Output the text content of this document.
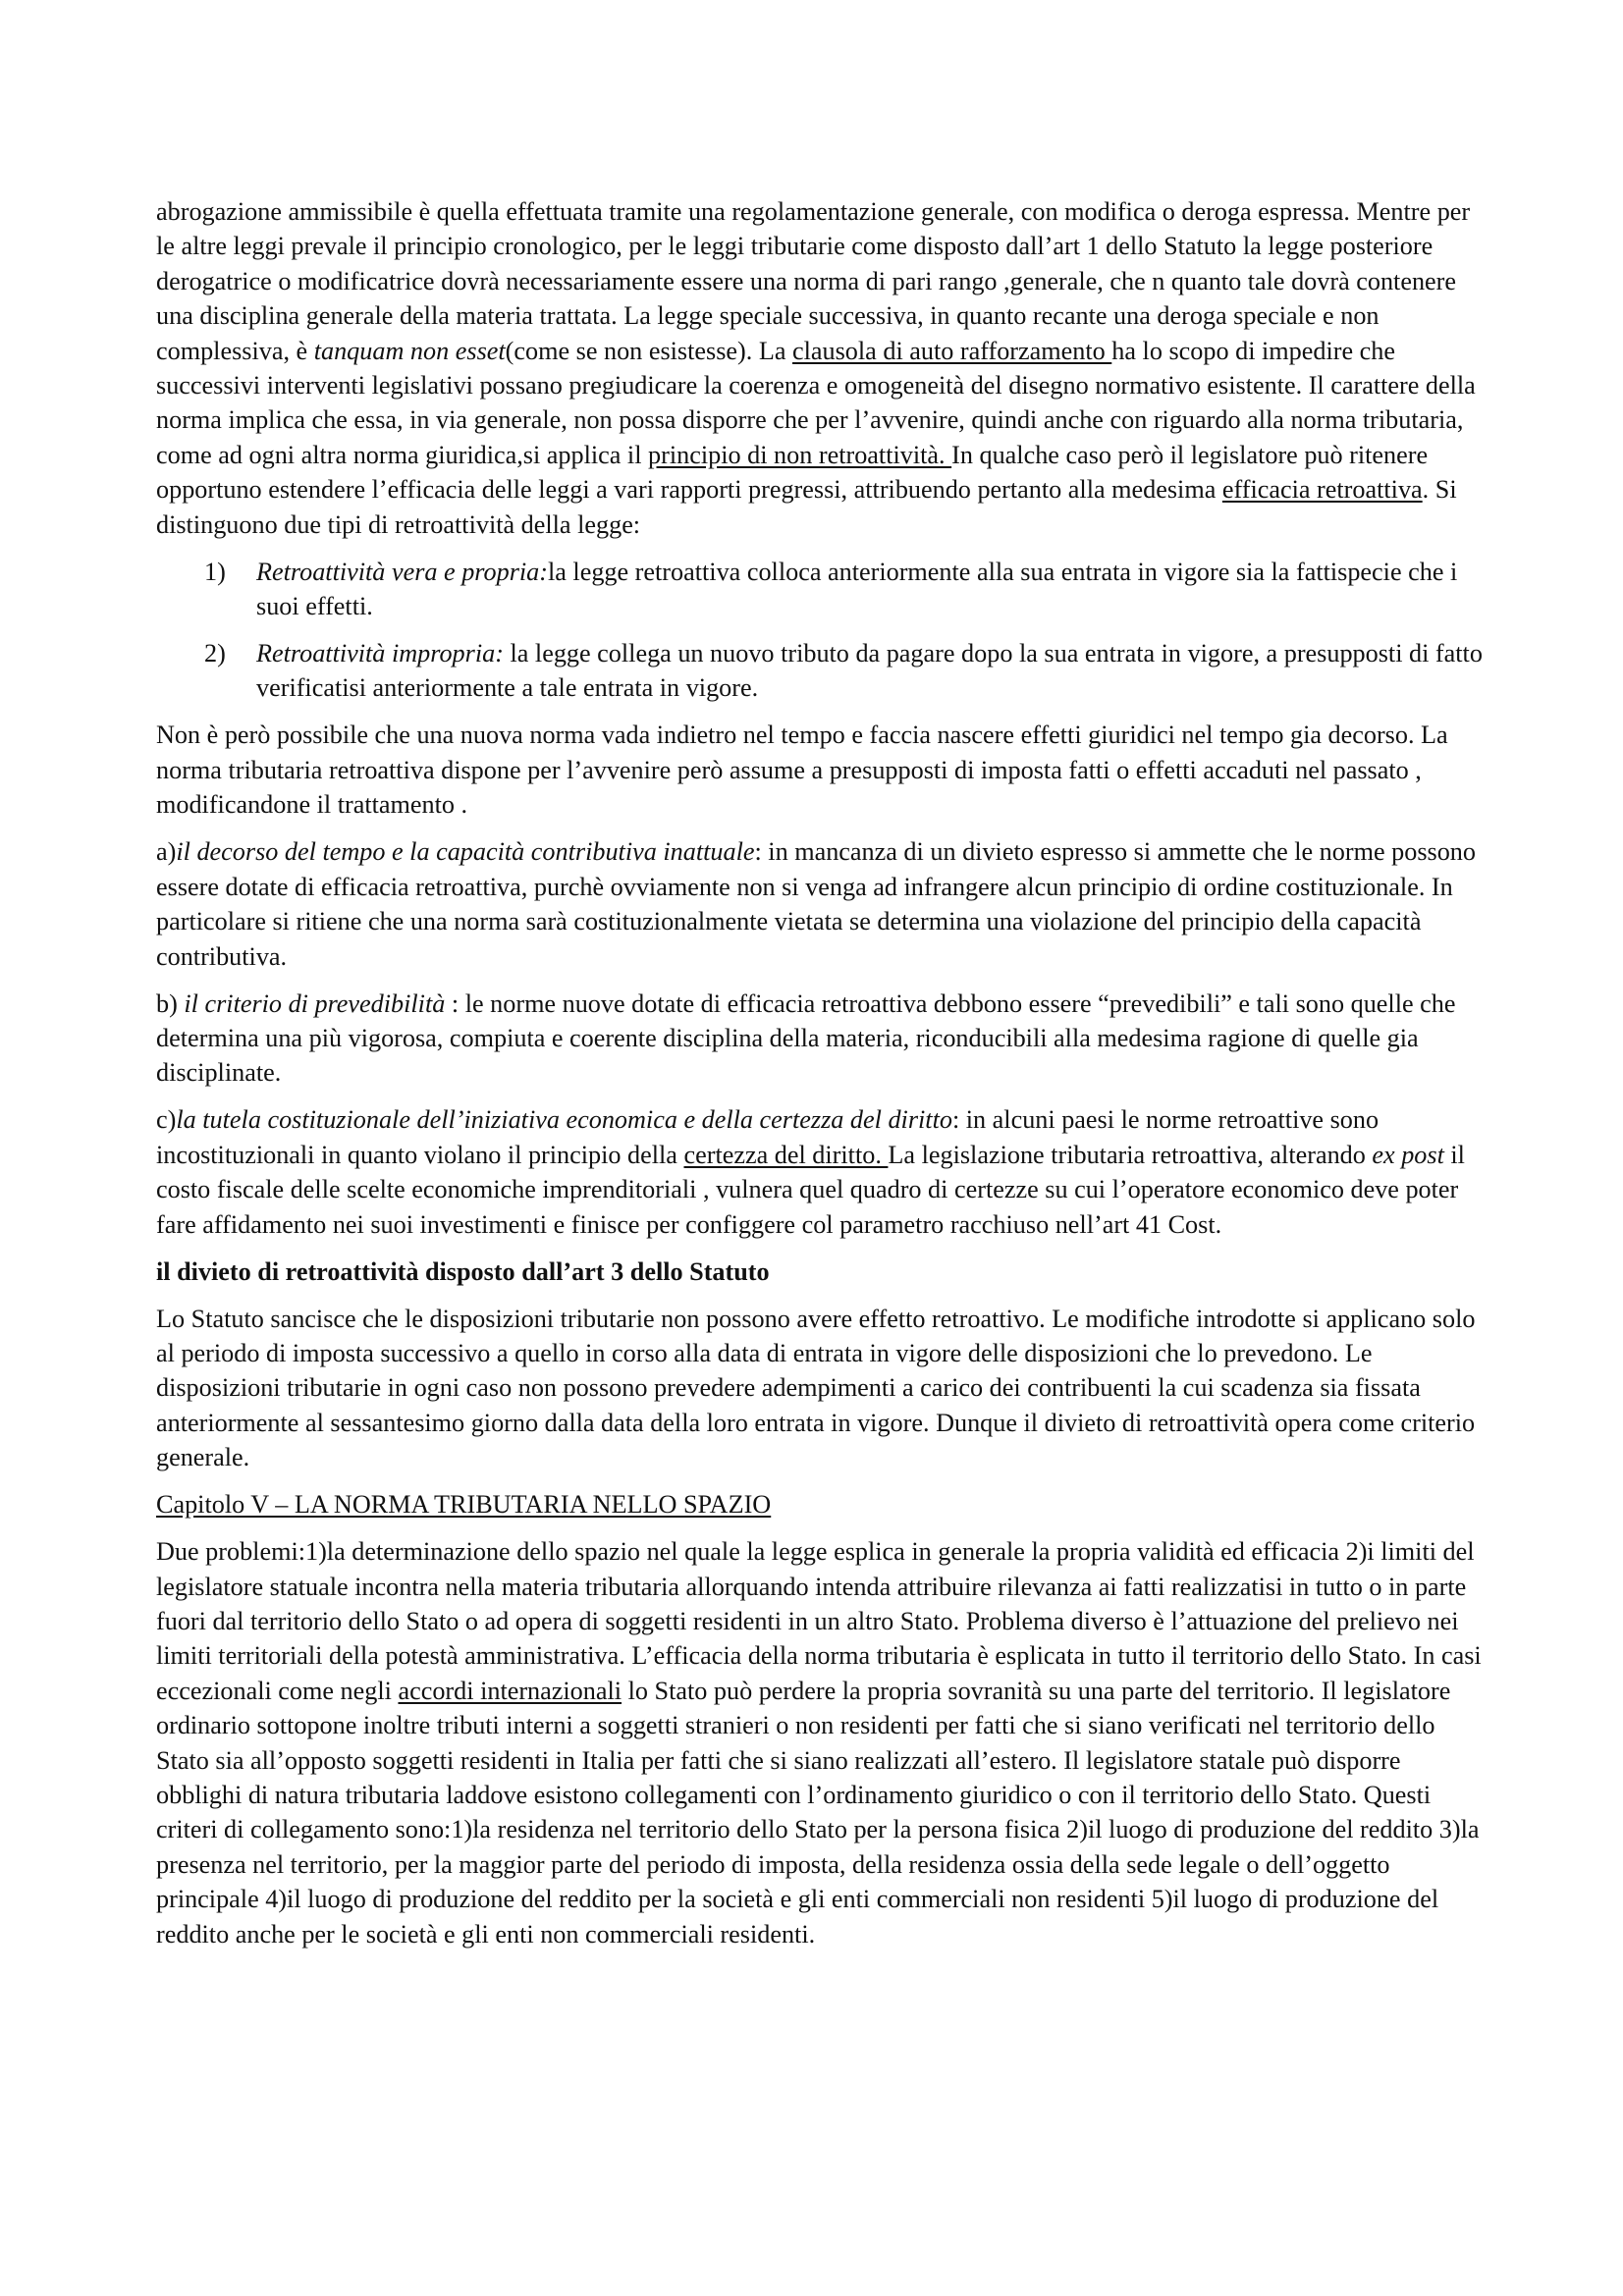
abrogazione ammissibile è quella effettuata tramite una regolamentazione generale, con modifica o deroga espressa. Mentre per le altre leggi prevale il principio cronologico, per le leggi tributarie come disposto dall’art 1 dello Statuto la legge posteriore derogatrice o modificatrice dovrà necessariamente essere una norma di pari rango ,generale, che n quanto tale dovrà contenere una disciplina generale della materia trattata. La legge speciale successiva, in quanto recante una deroga speciale e non complessiva, è tanquam non esset(come se non esistesse). La clausola di auto rafforzamento ha lo scopo di impedire che successivi interventi legislativi possano pregiudicare la coerenza e omogeneità del disegno normativo esistente. Il carattere della norma implica che essa, in via generale, non possa disporre che per l’avvenire, quindi anche con riguardo alla norma tributaria, come ad ogni altra norma giuridica,si applica il principio di non retroattività. In qualche caso però il legislatore può ritenere opportuno estendere l’efficacia delle leggi a vari rapporti pregressi, attribuendo pertanto alla medesima efficacia retroattiva. Si distinguono due tipi di retroattività della legge:

1) Retroattività vera e propria:la legge retroattiva colloca anteriormente alla sua entrata in vigore sia la fattispecie che i suoi effetti.
2) Retroattività impropria: la legge collega un nuovo tributo da pagare dopo la sua entrata in vigore, a presupposti di fatto verificatisi anteriormente a tale entrata in vigore.

Non è però possibile che una nuova norma vada indietro nel tempo e faccia nascere effetti giuridici nel tempo gia decorso. La norma tributaria retroattiva dispone per l’avvenire però assume a presupposti di imposta fatti o effetti accaduti nel passato , modificandone il trattamento .

a)il decorso del tempo e la capacità contributiva inattuale: in mancanza di un divieto espresso si ammette che le norme possono essere dotate di efficacia retroattiva, purchè ovviamente non si venga ad infrangere alcun principio di ordine costituzionale. In particolare si ritiene che una norma sarà costituzionalmente vietata se determina una violazione del principio della capacità contributiva.

b) il criterio di prevedibilità : le norme nuove dotate di efficacia retroattiva debbono essere “prevedibili” e tali sono quelle che determina una più vigorosa, compiuta e coerente disciplina della materia, riconducibili alla medesima ragione di quelle gia disciplinate.

c)la tutela costituzionale dell’iniziativa economica e della certezza del diritto: in alcuni paesi le norme retroattive sono incostituzionali in quanto violano il principio della certezza del diritto. La legislazione tributaria retroattiva, alterando ex post il costo fiscale delle scelte economiche imprenditoriali , vulnera quel quadro di certezze su cui l’operatore economico deve poter fare affidamento nei suoi investimenti e finisce per configgere col parametro racchiuso nell’art 41 Cost.

il divieto di retroattività disposto dall’art 3 dello Statuto

Lo Statuto sancisce che le disposizioni tributarie non possono avere effetto retroattivo. Le modifiche introdotte si applicano solo al periodo di imposta successivo a quello in corso alla data di entrata in vigore delle disposizioni che lo prevedono. Le disposizioni tributarie in ogni caso non possono prevedere adempimenti a carico dei contribuenti la cui scadenza sia fissata anteriormente al sessantesimo giorno dalla data della loro entrata in vigore. Dunque il divieto di retroattività opera come criterio generale.

Capitolo V – LA NORMA TRIBUTARIA NELLO SPAZIO

Due problemi:1)la determinazione dello spazio nel quale la legge esplica in generale la propria validità ed efficacia 2)i limiti del legislatore statuale incontra nella materia tributaria allorquando intenda attribuire rilevanza ai fatti realizzatisi in tutto o in parte fuori dal territorio dello Stato o ad opera di soggetti residenti in un altro Stato. Problema diverso è l’attuazione del prelievo nei limiti territoriali della potestà amministrativa. L’efficacia della norma tributaria è esplicata in tutto il territorio dello Stato. In casi eccezionali come negli accordi internazionali lo Stato può perdere la propria sovranità su una parte del territorio. Il legislatore ordinario sottopone inoltre tributi interni a soggetti stranieri o non residenti per fatti che si siano verificati nel territorio dello Stato sia all’opposto soggetti residenti in Italia per fatti che si siano realizzati all’estero. Il legislatore statale può disporre obblighi di natura tributaria laddove esistono collegamenti con l’ordinamento giuridico o con il territorio dello Stato. Questi criteri di collegamento sono:1)la residenza nel territorio dello Stato per la persona fisica 2)il luogo di produzione del reddito 3)la presenza nel territorio, per la maggior parte del periodo di imposta, della residenza ossia della sede legale o dell’oggetto principale 4)il luogo di produzione del reddito per la società e gli enti commerciali non residenti 5)il luogo di produzione del reddito anche per le società e gli enti non commerciali residenti.
